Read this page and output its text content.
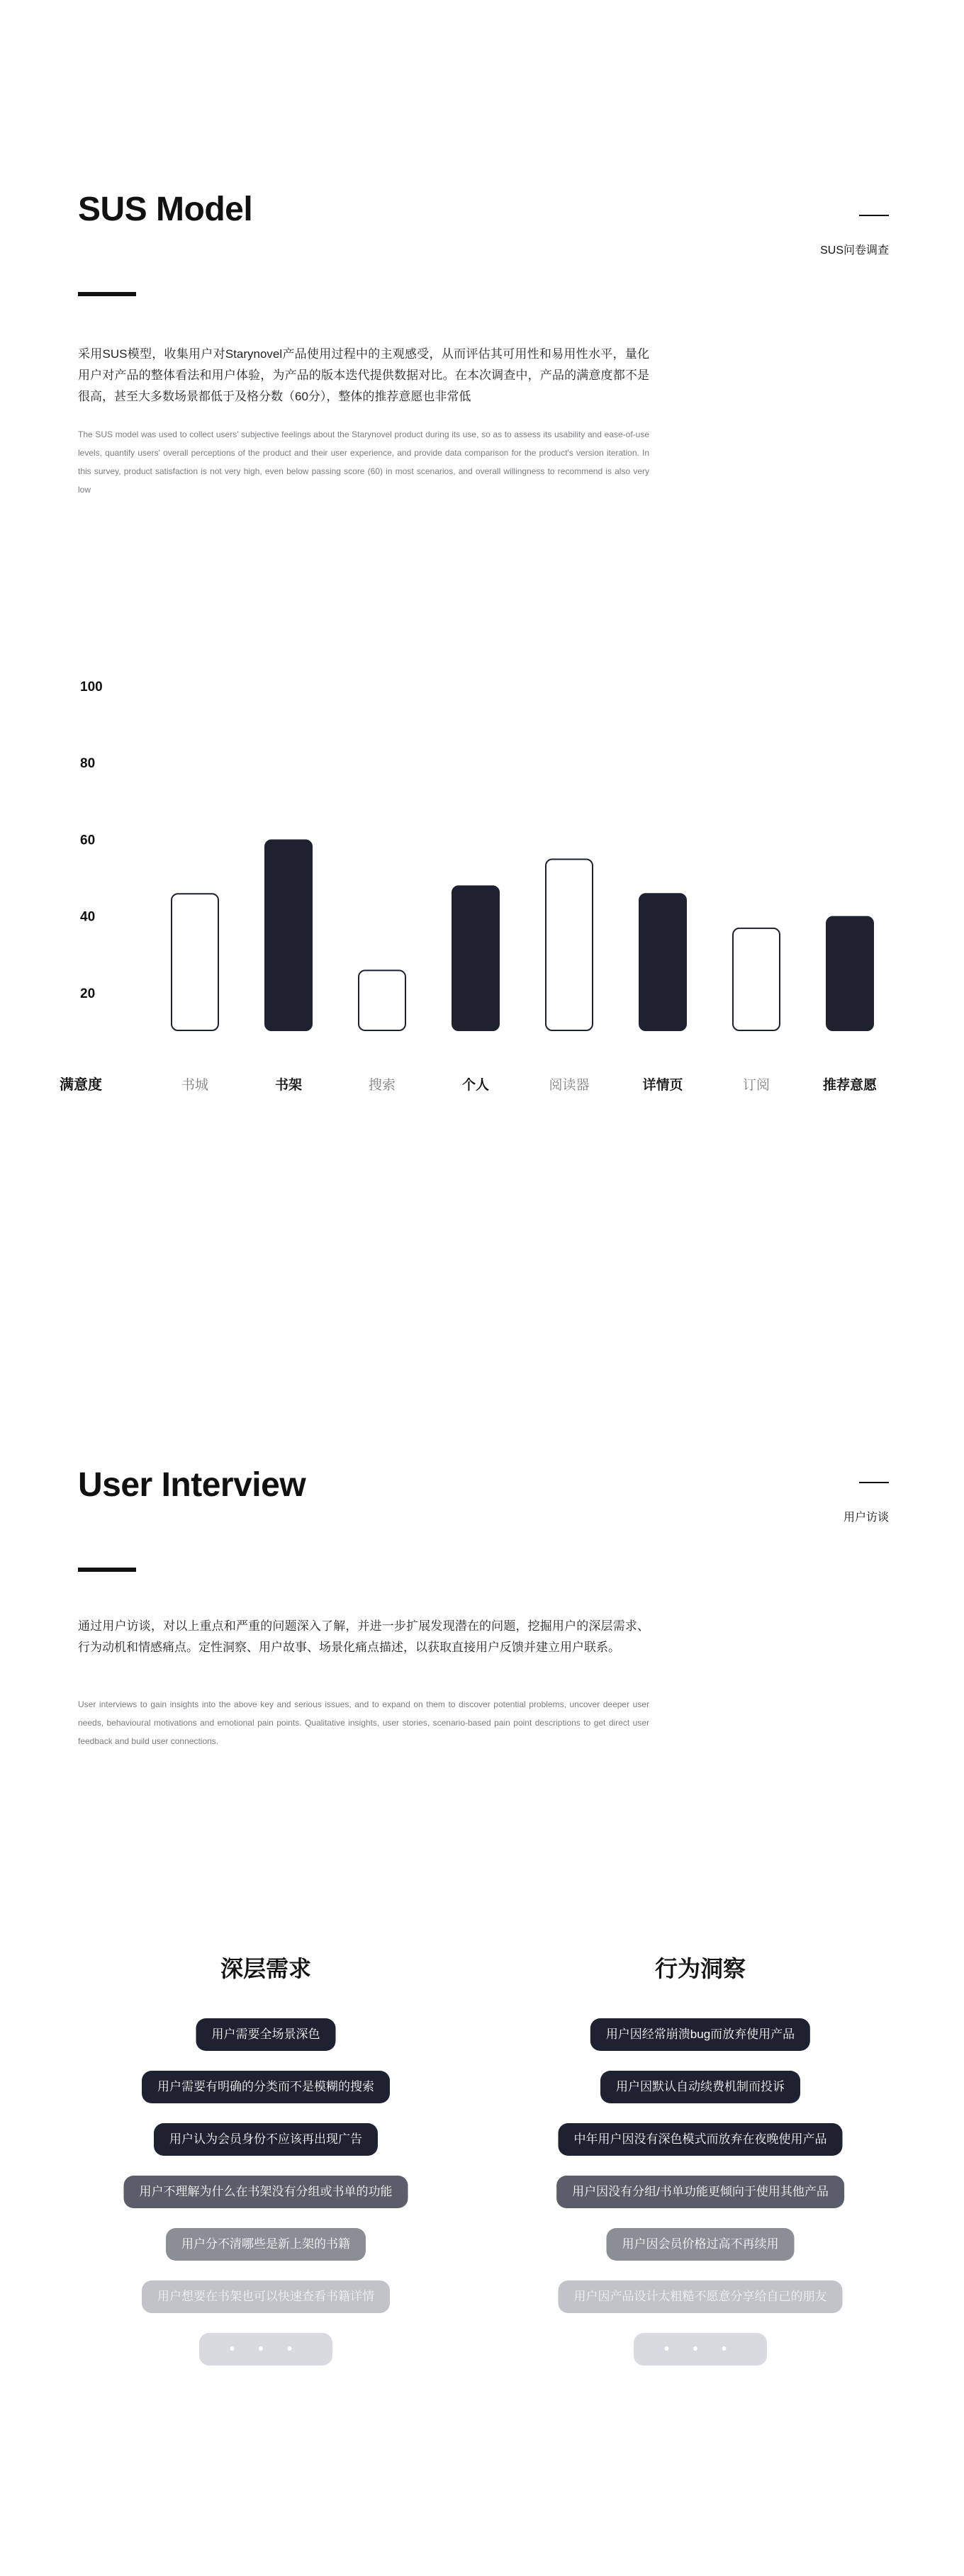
SUS Model
SUS问卷调查

采用SUS模型，收集用户对Starynovel产品使用过程中的主观感受，从而评估其可用性和易用性水平，量化用户对产品的整体看法和用户体验，为产品的版本迭代提供数据对比。在本次调查中，产品的满意度都不是很高，甚至大多数场景都低于及格分数（60分），整体的推荐意愿也非常低

The SUS model was used to collect users' subjective feelings about the Starynovel product during its use, so as to assess its usability and ease-of-use levels, quantify users' overall perceptions of the product and their user experience, and provide data comparison for the product's version iteration. In this survey, product satisfaction is not very high, even below passing score (60) in most scenarios, and overall willingness to recommend is also very low

100
80
60
40
20
满意度	书城	书架	搜索	个人	阅读器	详情页	订阅	推荐意愿
User Interview
用户访谈

通过用户访谈，对以上重点和严重的问题深入了解，并进一步扩展发现潜在的问题，挖掘用户的深层需求、行为动机和情感痛点。定性洞察、用户故事、场景化痛点描述，以获取直接用户反馈并建立用户联系。

User interviews to gain insights into the above key and serious issues, and to expand on them to discover potential problems, uncover deeper user needs, behavioural motivations and emotional pain points. Qualitative insights, user stories, scenario-based pain point descriptions to get direct user feedback and build user connections.

深层需求
用户需要全场景深色
用户需要有明确的分类而不是模糊的搜索
用户认为会员身份不应该再出现广告
用户不理解为什么在书架没有分组或书单的功能
用户分不清哪些是新上架的书籍
用户想要在书架也可以快速查看书籍详情
• • •
行为洞察
用户因经常崩溃bug而放弃使用产品
用户因默认自动续费机制而投诉
中年用户因没有深色模式而放弃在夜晚使用产品
用户因没有分组/书单功能更倾向于使用其他产品
用户因会员价格过高不再续用
用户因产品设计太粗糙不愿意分享给自己的朋友
• • •
